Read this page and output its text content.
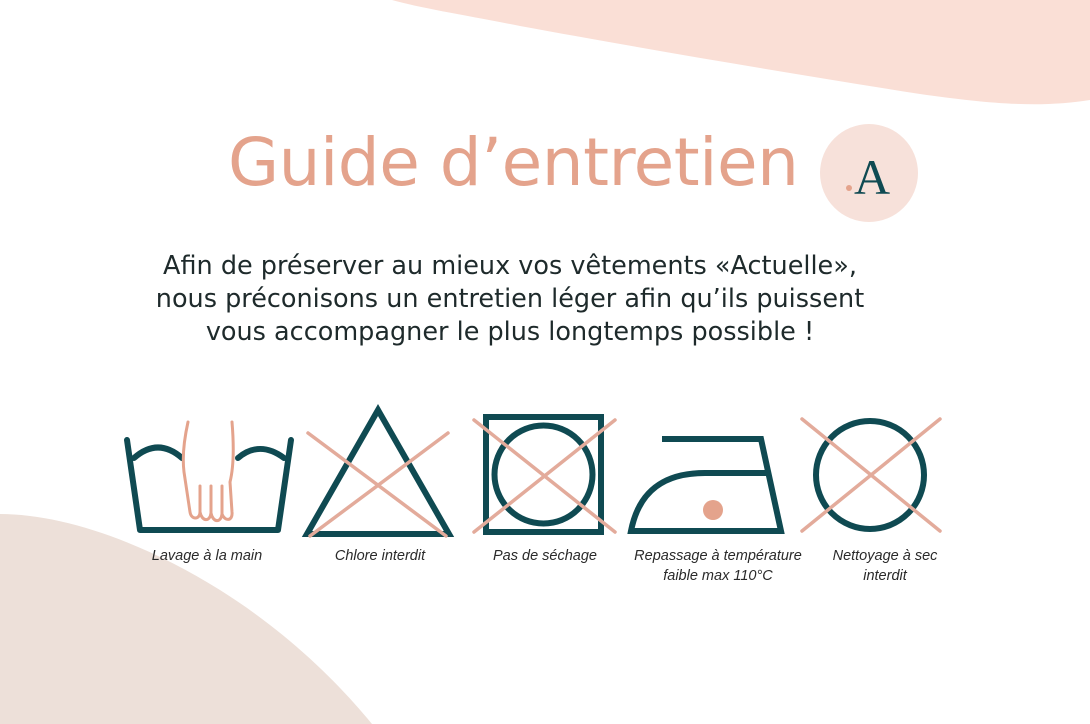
Guide d’entretien A
Afin de préserver au mieux vos vêtements «Actuelle»,
nous préconisons un entretien léger afin qu’ils puissent
vous accompagner le plus longtemps possible !
Lavage à la main	Chlore interdit	Pas de séchage	Repassage à température
faible max 110°C
Nettoyage à sec
interdit
